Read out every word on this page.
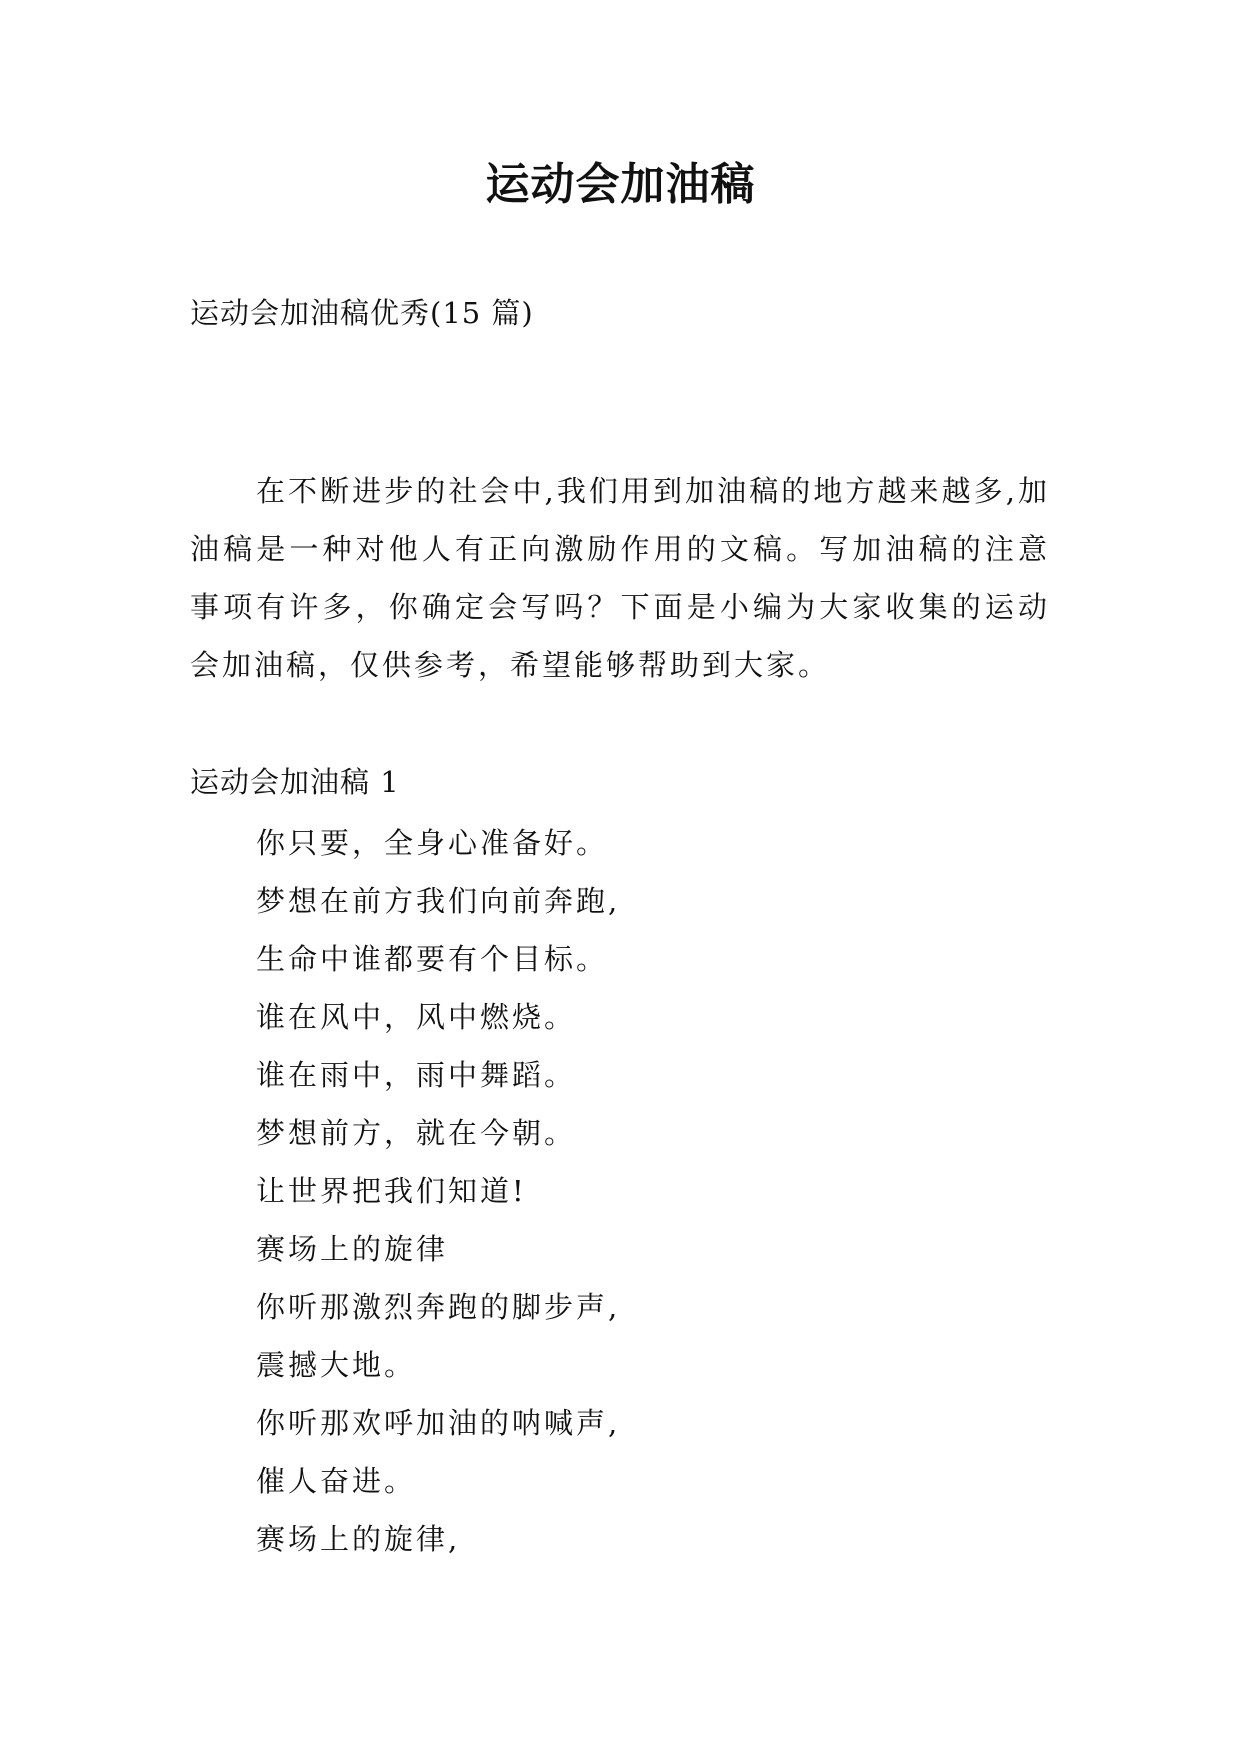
运动会加油稿
运动会加油稿优秀(15 篇)

在不断进步的社会中,我们用到加油稿的地方越来越多,加油稿是一种对他人有正向激励作用的文稿。写加油稿的注意事项有许多，你确定会写吗？下面是小编为大家收集的运动会加油稿，仅供参考，希望能够帮助到大家。

运动会加油稿 1
你只要，全身心准备好。
梦想在前方我们向前奔跑,
生命中谁都要有个目标。
谁在风中，风中燃烧。
谁在雨中，雨中舞蹈。
梦想前方，就在今朝。
让世界把我们知道!
赛场上的旋律
你听那激烈奔跑的脚步声,
震撼大地。
你听那欢呼加油的呐喊声,
催人奋进。
赛场上的旋律,
